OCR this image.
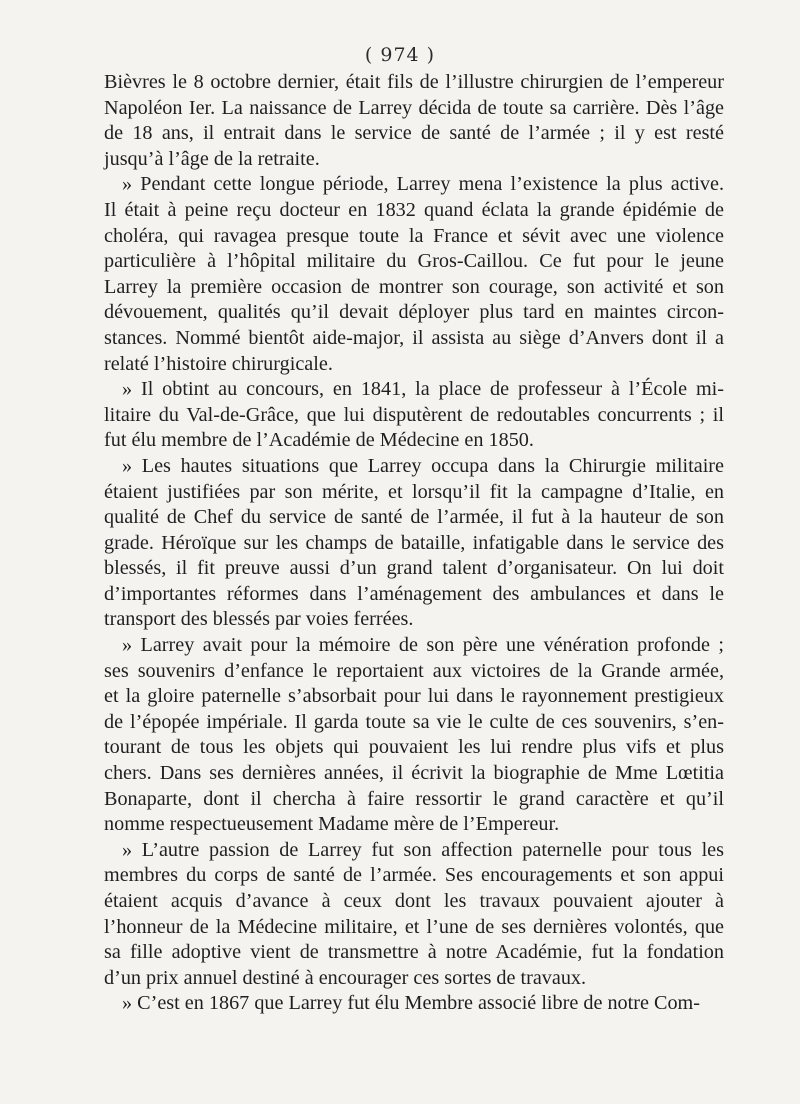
( 974 )
Bièvres le 8 octobre dernier, était fils de l’illustre chirurgien de l’empereur
Napoléon Ier. La naissance de Larrey décida de toute sa carrière. Dès l’âge
de 18 ans, il entrait dans le service de santé de l’armée ; il y est resté
jusqu’à l’âge de la retraite.
» Pendant cette longue période, Larrey mena l’existence la plus active.
Il était à peine reçu docteur en 1832 quand éclata la grande épidémie de
choléra, qui ravagea presque toute la France et sévit avec une violence
particulière à l’hôpital militaire du Gros-Caillou. Ce fut pour le jeune
Larrey la première occasion de montrer son courage, son activité et son
dévouement, qualités qu’il devait déployer plus tard en maintes circon-
stances. Nommé bientôt aide-major, il assista au siège d’Anvers dont il a
relaté l’histoire chirurgicale.
» Il obtint au concours, en 1841, la place de professeur à l’École mi-
litaire du Val-de-Grâce, que lui disputèrent de redoutables concurrents ; il
fut élu membre de l’Académie de Médecine en 1850.
» Les hautes situations que Larrey occupa dans la Chirurgie militaire
étaient justifiées par son mérite, et lorsqu’il fit la campagne d’Italie, en
qualité de Chef du service de santé de l’armée, il fut à la hauteur de son
grade. Héroïque sur les champs de bataille, infatigable dans le service des
blessés, il fit preuve aussi d’un grand talent d’organisateur. On lui doit
d’importantes réformes dans l’aménagement des ambulances et dans le
transport des blessés par voies ferrées.
» Larrey avait pour la mémoire de son père une vénération profonde ;
ses souvenirs d’enfance le reportaient aux victoires de la Grande armée,
et la gloire paternelle s’absorbait pour lui dans le rayonnement prestigieux
de l’épopée impériale. Il garda toute sa vie le culte de ces souvenirs, s’en-
tourant de tous les objets qui pouvaient les lui rendre plus vifs et plus
chers. Dans ses dernières années, il écrivit la biographie de Mme Lœtitia
Bonaparte, dont il chercha à faire ressortir le grand caractère et qu’il
nomme respectueusement Madame mère de l’Empereur.
» L’autre passion de Larrey fut son affection paternelle pour tous les
membres du corps de santé de l’armée. Ses encouragements et son appui
étaient acquis d’avance à ceux dont les travaux pouvaient ajouter à
l’honneur de la Médecine militaire, et l’une de ses dernières volontés, que
sa fille adoptive vient de transmettre à notre Académie, fut la fondation
d’un prix annuel destiné à encourager ces sortes de travaux.
» C’est en 1867 que Larrey fut élu Membre associé libre de notre Com-
